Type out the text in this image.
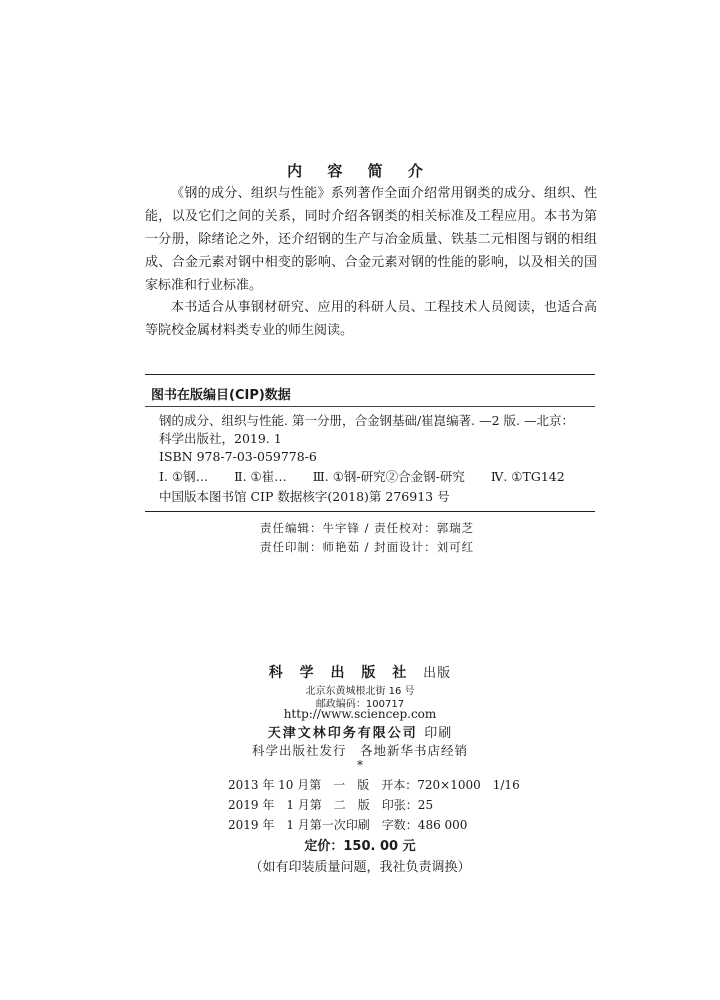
内 容 简 介

《钢的成分、组织与性能》系列著作全面介绍常用钢类的成分、组织、性能，以及它们之间的关系，同时介绍各钢类的相关标准及工程应用。本书为第一分册，除绪论之外，还介绍钢的生产与冶金质量、铁基二元相图与钢的相组成、合金元素对钢中相变的影响、合金元素对钢的性能的影响，以及相关的国家标准和行业标准。

本书适合从事钢材研究、应用的科研人员、工程技术人员阅读，也适合高等院校金属材料类专业的师生阅读。

图书在版编目(CIP)数据
钢的成分、组织与性能. 第一分册，合金钢基础/崔崑编著. —2 版. —北京：
科学出版社，2019. 1
ISBN 978-7-03-059778-6
Ⅰ. ①钢… Ⅱ. ①崔… Ⅲ. ①钢-研究②合金钢-研究 Ⅳ. ①TG142
中国版本图书馆 CIP 数据核字(2018)第 276913 号
责任编辑：牛宇锋 / 责任校对：郭瑞芝
责任印制：师艳茹 / 封面设计：刘可红
科 学 出 版 社 出版
北京东黄城根北街 16 号
邮政编码：100717
http://www.sciencep.com
天津文林印务有限公司 印刷
科学出版社发行　各地新华书店经销
*
2013 年 10 月第　一　版　开本：720×1000　1/16
2019 年　1 月第　二　版　印张：25
2019 年　1 月第一次印刷　字数：486 000
定价：150. 00 元
（如有印装质量问题，我社负责调换）
